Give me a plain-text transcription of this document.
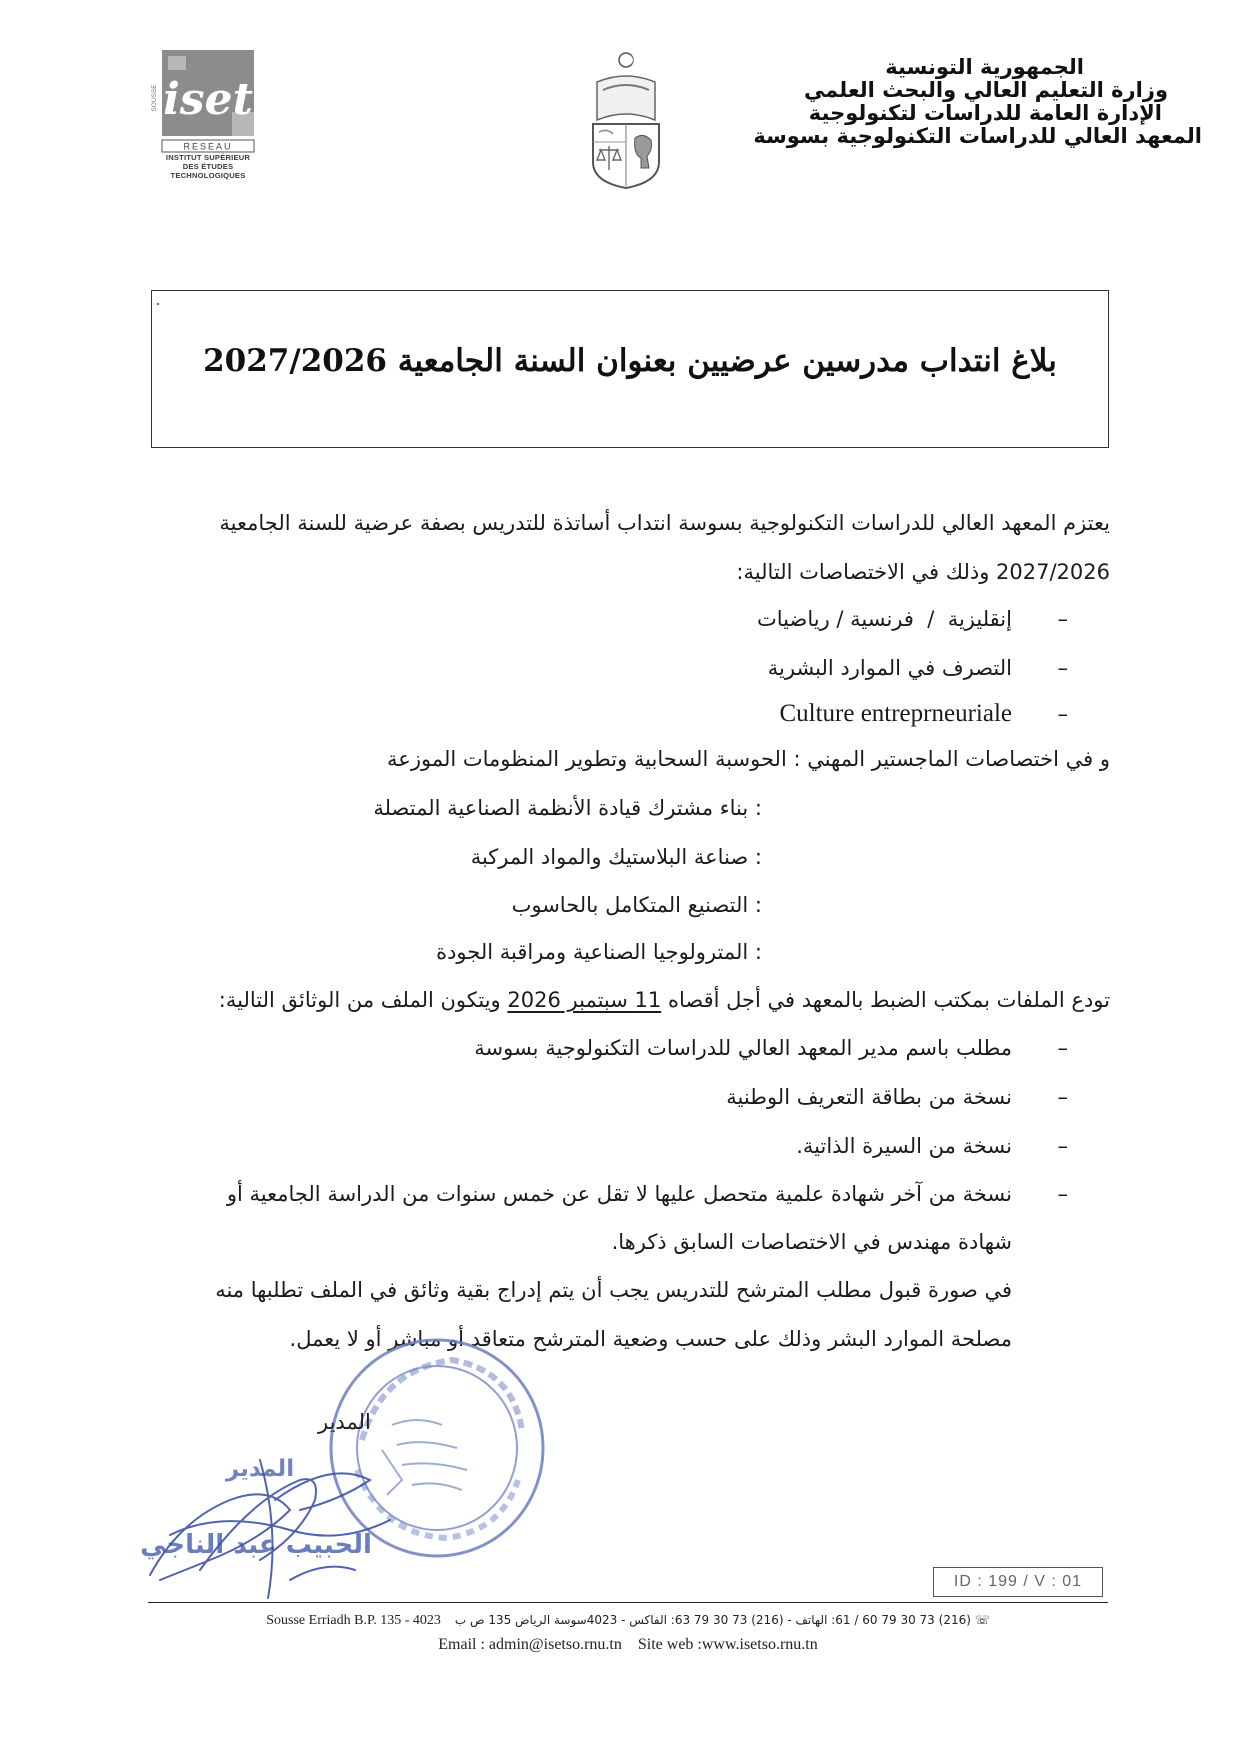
iset
SOUSSE
RESEAU
INSTITUT SUPÉRIEUR
DES ÉTUDES
TECHNOLOGIQUES
الجمهورية التونسية
وزارة التعليم العالي والبحث العلمي
الإدارة العامة للدراسات لتكنولوجية
المعهد العالي للدراسات التكنولوجية بسوسة
بلاغ انتداب مدرسين عرضيين بعنوان السنة الجامعية 2027/2026
يعتزم المعهد العالي للدراسات التكنولوجية بسوسة انتداب أساتذة للتدريس بصفة عرضية للسنة الجامعية
2027/2026 وذلك في الاختصاصات التالية:
–إنقليزية  /  فرنسية / رياضيات
–التصرف في الموارد البشرية
–Culture entreprneuriale
و في اختصاصات الماجستير المهني : الحوسبة السحابية وتطوير المنظومات الموزعة
: بناء مشترك قيادة الأنظمة الصناعية المتصلة
: صناعة البلاستيك والمواد المركبة
: التصنيع المتكامل بالحاسوب
: المترولوجيا الصناعية ومراقبة الجودة
تودع الملفات بمكتب الضبط بالمعهد في أجل أقصاه 11 سبتمبر 2026 ويتكون الملف من الوثائق التالية:
–مطلب باسم مدير المعهد العالي للدراسات التكنولوجية بسوسة
–نسخة من بطاقة التعريف الوطنية
–نسخة من السيرة الذاتية.
–نسخة من آخر شهادة علمية متحصل عليها لا تقل عن خمس سنوات من الدراسة الجامعية أو
شهادة مهندس في الاختصاصات السابق ذكرها.
في صورة قبول مطلب المترشح للتدريس يجب أن يتم إدراج بقية وثائق في الملف تطلبها منه
مصلحة الموارد البشر وذلك على حسب وضعية المترشح متعاقد أو مباشر أو لا يعمل.
المدير
المدير
الحبيب عبد الناجي
ID : 199 / V : 01
Sousse Erriadh B.P. 135 - 4023 ☏ (216) 73 30 79 60 / 61: الهاتف - (216) 73 30 79 63: الفاكس - 4023سوسة الرياض 135 ص ب
Email : admin@isetso.rnu.tn Site web :www.isetso.rnu.tn
